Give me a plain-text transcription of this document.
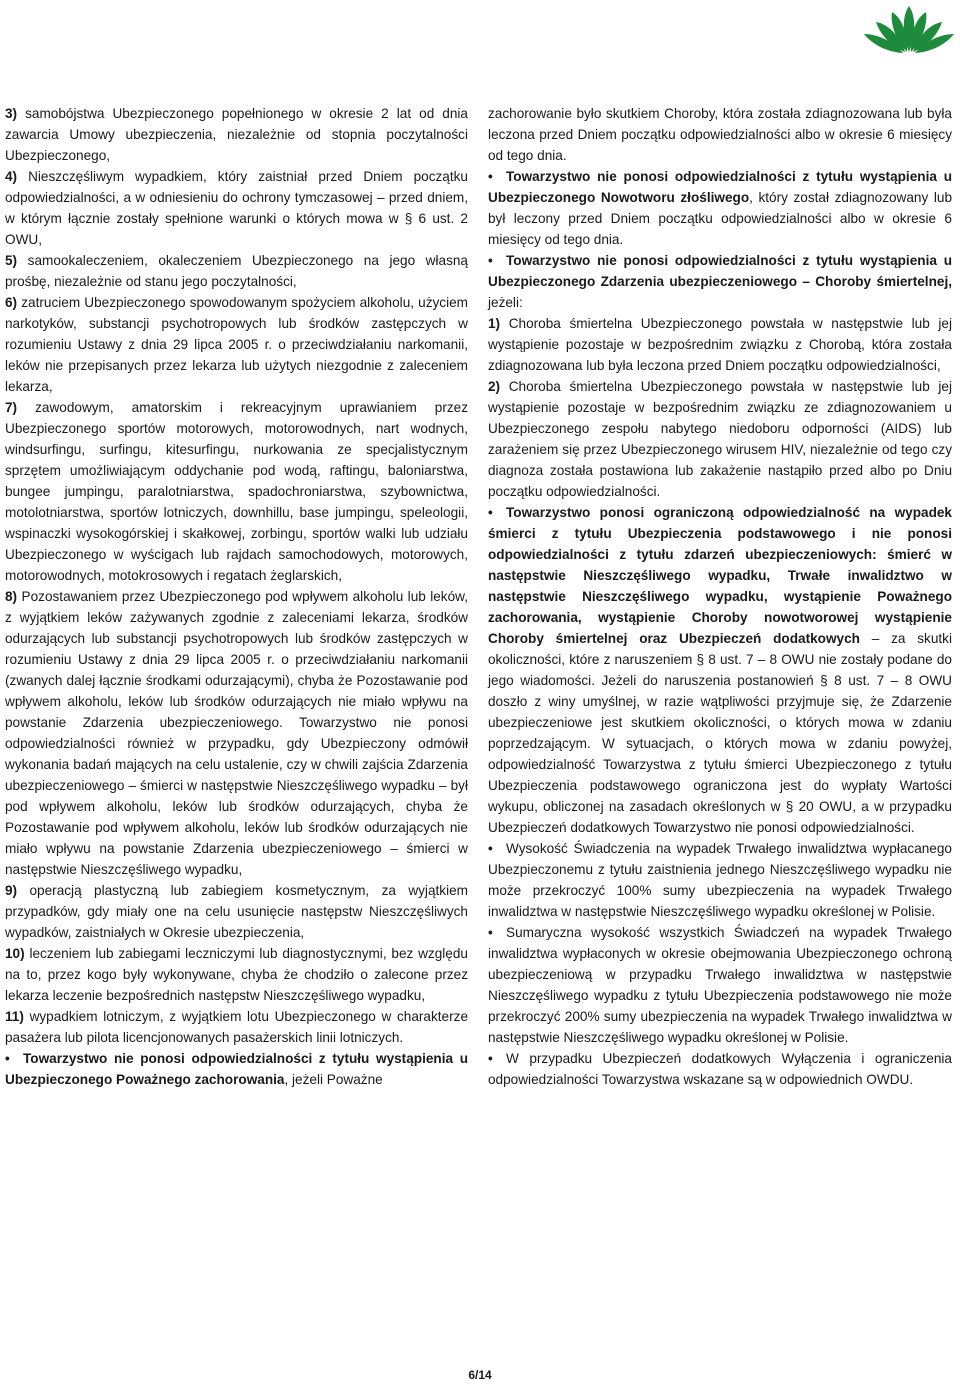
3) samobójstwa Ubezpieczonego popełnionego w okresie 2 lat od dnia zawarcia Umowy ubezpieczenia, niezależnie od stopnia poczytalności Ubezpieczonego,

4) Nieszczęśliwym wypadkiem, który zaistniał przed Dniem początku odpowiedzialności, a w odniesieniu do ochrony tymczasowej – przed dniem, w którym łącznie zostały spełnione warunki o których mowa w § 6 ust. 2 OWU,

5) samookaleczeniem, okaleczeniem Ubezpieczonego na jego własną prośbę, niezależnie od stanu jego poczytalności,

6) zatruciem Ubezpieczonego spowodowanym spożyciem alkoholu, użyciem narkotyków, substancji psychotropowych lub środków zastępczych w rozumieniu Ustawy z dnia 29 lipca 2005 r. o przeciwdziałaniu narkomanii, leków nie przepisanych przez lekarza lub użytych niezgodnie z zaleceniem lekarza,

7) zawodowym, amatorskim i rekreacyjnym uprawianiem przez Ubezpieczonego sportów motorowych, motorowodnych, nart wodnych, windsurfingu, surfingu, kitesurfingu, nurkowania ze specjalistycznym sprzętem umożliwiającym oddychanie pod wodą, raftingu, baloniarstwa, bungee jumpingu, paralotniarstwa, spadochroniarstwa, szybownictwa, motolotniarstwa, sportów lotniczych, downhillu, base jumpingu, speleologii, wspinaczki wysokogórskiej i skałkowej, zorbingu, sportów walki lub udziału Ubezpieczonego w wyścigach lub rajdach samochodowych, motorowych, motorowodnych, motokrosowych i regatach żeglarskich,

8) Pozostawaniem przez Ubezpieczonego pod wpływem alkoholu lub leków, z wyjątkiem leków zażywanych zgodnie z zaleceniami lekarza, środków odurzających lub substancji psychotropowych lub środków zastępczych w rozumieniu Ustawy z dnia 29 lipca 2005 r. o przeciwdziałaniu narkomanii (zwanych dalej łącznie środkami odurzającymi), chyba że Pozostawanie pod wpływem alkoholu, leków lub środków odurzających nie miało wpływu na powstanie Zdarzenia ubezpieczeniowego. Towarzystwo nie ponosi odpowiedzialności również w przypadku, gdy Ubezpieczony odmówił wykonania badań mających na celu ustalenie, czy w chwili zajścia Zdarzenia ubezpieczeniowego – śmierci w następstwie Nieszczęśliwego wypadku – był pod wpływem alkoholu, leków lub środków odurzających, chyba że Pozostawanie pod wpływem alkoholu, leków lub środków odurzających nie miało wpływu na powstanie Zdarzenia ubezpieczeniowego – śmierci w następstwie Nieszczęśliwego wypadku,

9) operacją plastyczną lub zabiegiem kosmetycznym, za wyjątkiem przypadków, gdy miały one na celu usunięcie następstw Nieszczęśliwych wypadków, zaistniałych w Okresie ubezpieczenia,

10) leczeniem lub zabiegami leczniczymi lub diagnostycznymi, bez względu na to, przez kogo były wykonywane, chyba że chodziło o zalecone przez lekarza leczenie bezpośrednich następstw Nieszczęśliwego wypadku,

11) wypadkiem lotniczym, z wyjątkiem lotu Ubezpieczonego w charakterze pasażera lub pilota licencjonowanych pasażerskich linii lotniczych.

• Towarzystwo nie ponosi odpowiedzialności z tytułu wystąpienia u Ubezpieczonego Poważnego zachorowania, jeżeli Poważne

zachorowanie było skutkiem Choroby, która została zdiagnozowana lub była leczona przed Dniem początku odpowiedzialności albo w okresie 6 miesięcy od tego dnia.

• Towarzystwo nie ponosi odpowiedzialności z tytułu wystąpienia u Ubezpieczonego Nowotworu złośliwego, który został zdiagnozowany lub był leczony przed Dniem początku odpowiedzialności albo w okresie 6 miesięcy od tego dnia.

• Towarzystwo nie ponosi odpowiedzialności z tytułu wystąpienia u Ubezpieczonego Zdarzenia ubezpieczeniowego – Choroby śmiertelnej, jeżeli:

1) Choroba śmiertelna Ubezpieczonego powstała w następstwie lub jej wystąpienie pozostaje w bezpośrednim związku z Chorobą, która została zdiagnozowana lub była leczona przed Dniem początku odpowiedzialności,

2) Choroba śmiertelna Ubezpieczonego powstała w następstwie lub jej wystąpienie pozostaje w bezpośrednim związku ze zdiagnozowaniem u Ubezpieczonego zespołu nabytego niedoboru odporności (AIDS) lub zarażeniem się przez Ubezpieczonego wirusem HIV, niezależnie od tego czy diagnoza została postawiona lub zakażenie nastąpiło przed albo po Dniu początku odpowiedzialności.

• Towarzystwo ponosi ograniczoną odpowiedzialność na wypadek śmierci z tytułu Ubezpieczenia podstawowego i nie ponosi odpowiedzialności z tytułu zdarzeń ubezpieczeniowych: śmierć w następstwie Nieszczęśliwego wypadku, Trwałe inwalidztwo w następstwie Nieszczęśliwego wypadku, wystąpienie Poważnego zachorowania, wystąpienie Choroby nowotworowej wystąpienie Choroby śmiertelnej oraz Ubezpieczeń dodatkowych – za skutki okoliczności, które z naruszeniem § 8 ust. 7 – 8 OWU nie zostały podane do jego wiadomości. Jeżeli do naruszenia postanowień § 8 ust. 7 – 8 OWU doszło z winy umyślnej, w razie wątpliwości przyjmuje się, że Zdarzenie ubezpieczeniowe jest skutkiem okoliczności, o których mowa w zdaniu poprzedzającym. W sytuacjach, o których mowa w zdaniu powyżej, odpowiedzialność Towarzystwa z tytułu śmierci Ubezpieczonego z tytułu Ubezpieczenia podstawowego ograniczona jest do wypłaty Wartości wykupu, obliczonej na zasadach określonych w § 20 OWU, a w przypadku Ubezpieczeń dodatkowych Towarzystwo nie ponosi odpowiedzialności.

• Wysokość Świadczenia na wypadek Trwałego inwalidztwa wypłacanego Ubezpieczonemu z tytułu zaistnienia jednego Nieszczęśliwego wypadku nie może przekroczyć 100% sumy ubezpieczenia na wypadek Trwałego inwalidztwa w następstwie Nieszczęśliwego wypadku określonej w Polisie.

• Sumaryczna wysokość wszystkich Świadczeń na wypadek Trwałego inwalidztwa wypłaconych w okresie obejmowania Ubezpieczonego ochroną ubezpieczeniową w przypadku Trwałego inwalidztwa w następstwie Nieszczęśliwego wypadku z tytułu Ubezpieczenia podstawowego nie może przekroczyć 200% sumy ubezpieczenia na wypadek Trwałego inwalidztwa w następstwie Nieszczęśliwego wypadku określonej w Polisie.

• W przypadku Ubezpieczeń dodatkowych Wyłączenia i ograniczenia odpowiedzialności Towarzystwa wskazane są w odpowiednich OWDU.

6/14
